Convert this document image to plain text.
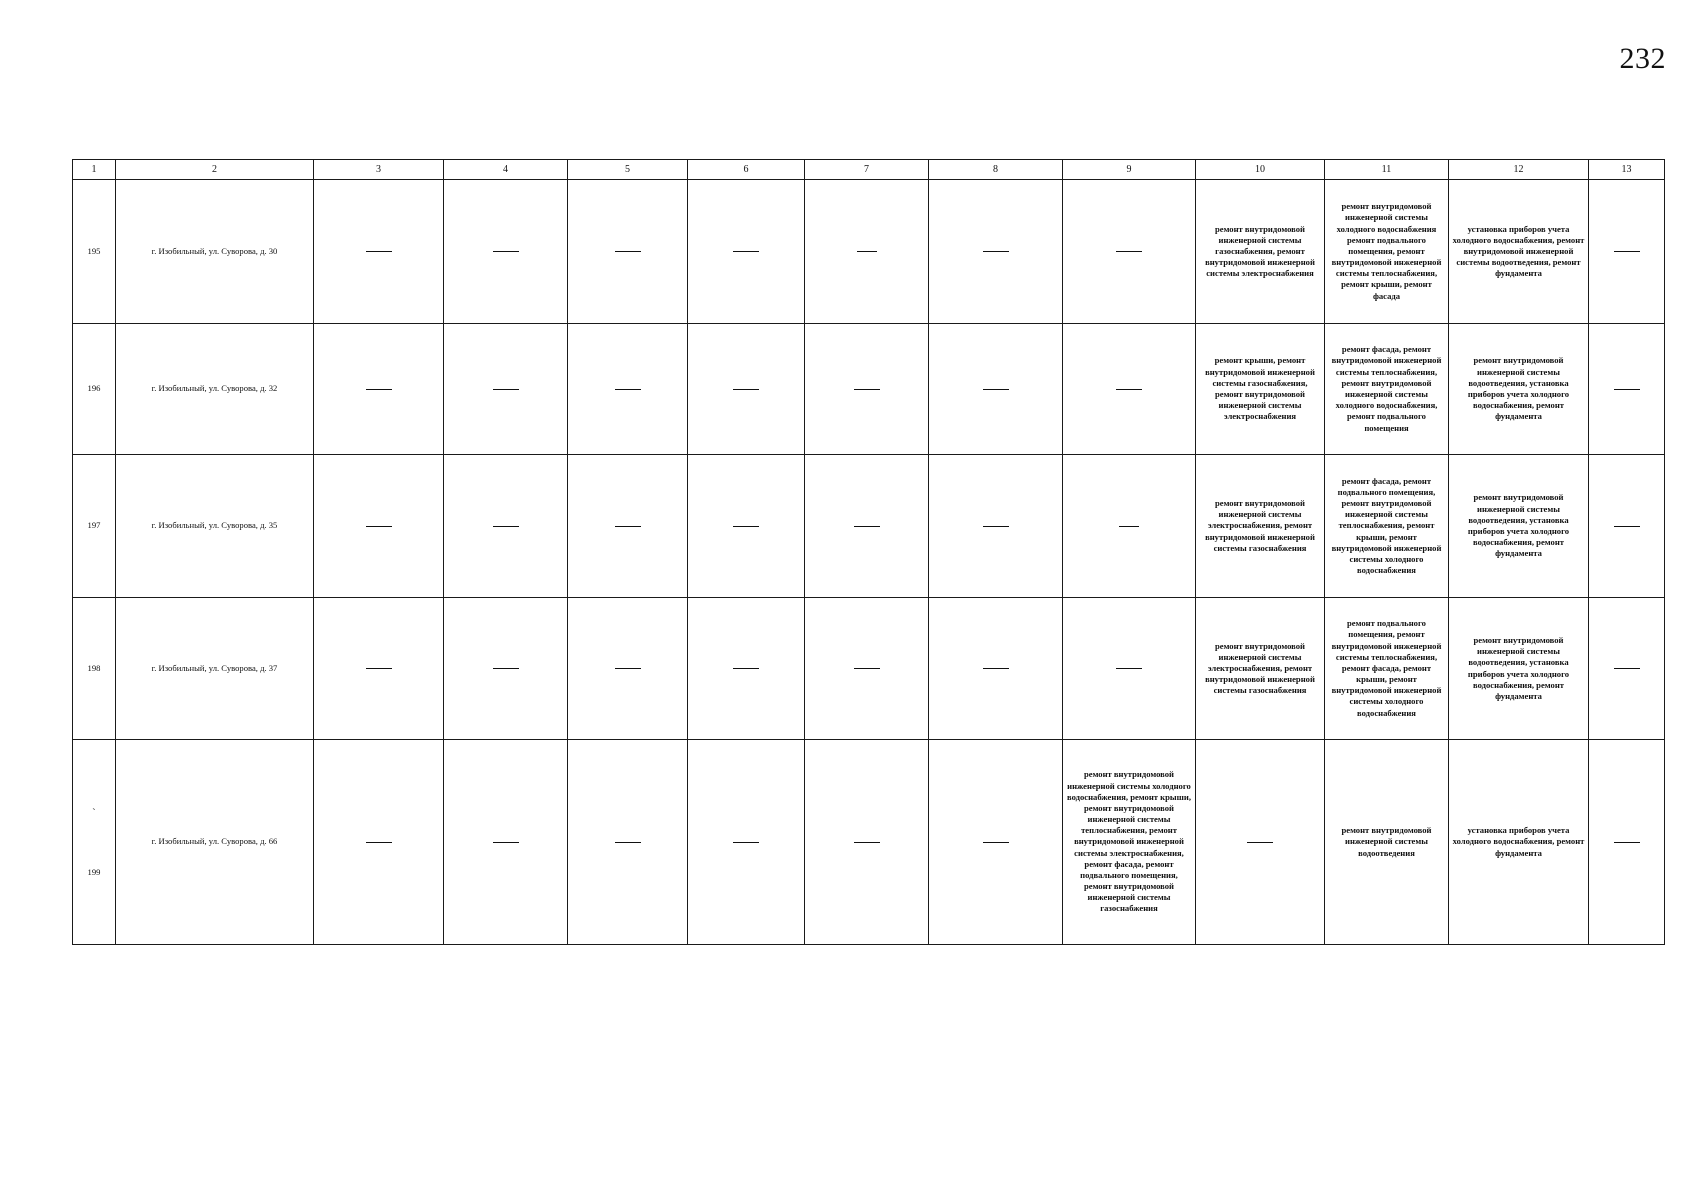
232
1	2	3	4	5	6	7	8	9	10	11	12	13
195	г. Изобильный, ул. Суворова, д. 30								ремонт внутридомовой инженерной системы газоснабжения, ремонт внутридомовой инженерной системы электроснабжения	ремонт внутридомовой инженерной системы холодного водоснабжения ремонт подвального помещения, ремонт внутридомовой инженерной системы теплоснабжения, ремонт крыши, ремонт фасада	установка приборов учета холодного водоснабжения, ремонт внутридомовой инженерной системы водоотведения, ремонт фундамента	
196	г. Изобильный, ул. Суворова, д. 32								ремонт крыши, ремонт внутридомовой инженерной системы газоснабжения, ремонт внутридомовой инженерной системы электроснабжения	ремонт фасада, ремонт внутридомовой инженерной системы теплоснабжения, ремонт внутридомовой инженерной системы холодного водоснабжения, ремонт подвального помещения	ремонт внутридомовой инженерной системы водоотведения, установка приборов учета холодного водоснабжения, ремонт фундамента	
197	г. Изобильный, ул. Суворова, д. 35								ремонт внутридомовой инженерной системы электроснабжения, ремонт внутридомовой инженерной системы газоснабжения	ремонт фасада, ремонт подвального помещения, ремонт внутридомовой инженерной системы теплоснабжения, ремонт крыши, ремонт внутридомовой инженерной системы холодного водоснабжения	ремонт внутридомовой инженерной системы водоотведения, установка приборов учета холодного водоснабжения, ремонт фундамента	
198	г. Изобильный, ул. Суворова, д. 37								ремонт внутридомовой инженерной системы электроснабжения, ремонт внутридомовой инженерной системы газоснабжения	ремонт подвального помещения, ремонт внутридомовой инженерной системы теплоснабжения, ремонт фасада, ремонт крыши, ремонт внутридомовой инженерной системы холодного водоснабжения	ремонт внутридомовой инженерной системы водоотведения, установка приборов учета холодного водоснабжения, ремонт фундамента	

`
199	г. Изобильный, ул. Суворова, д. 66							ремонт внутридомовой инженерной системы холодного водоснабжения, ремонт крыши, ремонт внутридомовой инженерной системы теплоснабжения, ремонт внутридомовой инженерной системы электроснабжения, ремонт фасада, ремонт подвального помещения, ремонт внутридомовой инженерной системы газоснабжения		ремонт внутридомовой инженерной системы водоотведения	установка приборов учета холодного водоснабжения, ремонт фундамента	
